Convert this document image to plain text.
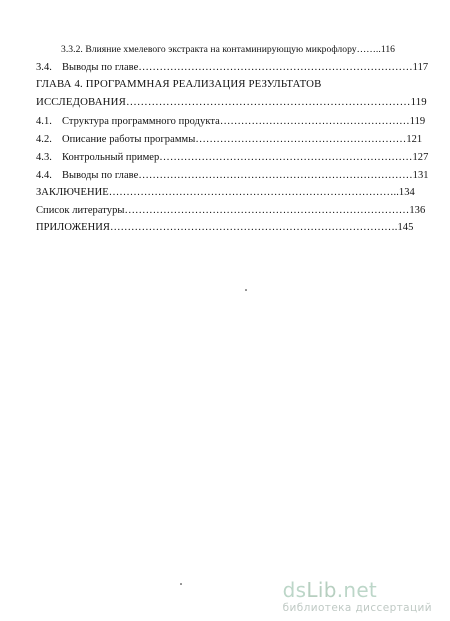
3.3.2. Влияние хмелевого экстракта на контаминирующую микрофлору……..116
3.4. Выводы по главе……………………………………………………………………117
ГЛАВА 4. ПРОГРАММНАЯ РЕАЛИЗАЦИЯ РЕЗУЛЬТАТОВ
ИССЛЕДОВАНИЯ……………………………………………………………………119
4.1. Структура программного продукта………………………………………………119
4.2. Описание работы программы……………………………………………………121
4.3. Контрольный пример………………………………………………………………127
4.4. Выводы по главе……………………………………………………………………131
ЗАКЛЮЧЕНИЕ………………………………………………………………………..134
Список литературы………………………………………………………………………136
ПРИЛОЖЕНИЯ……………………………………………………………………….145
dsLib.net
библиотека диссертаций
